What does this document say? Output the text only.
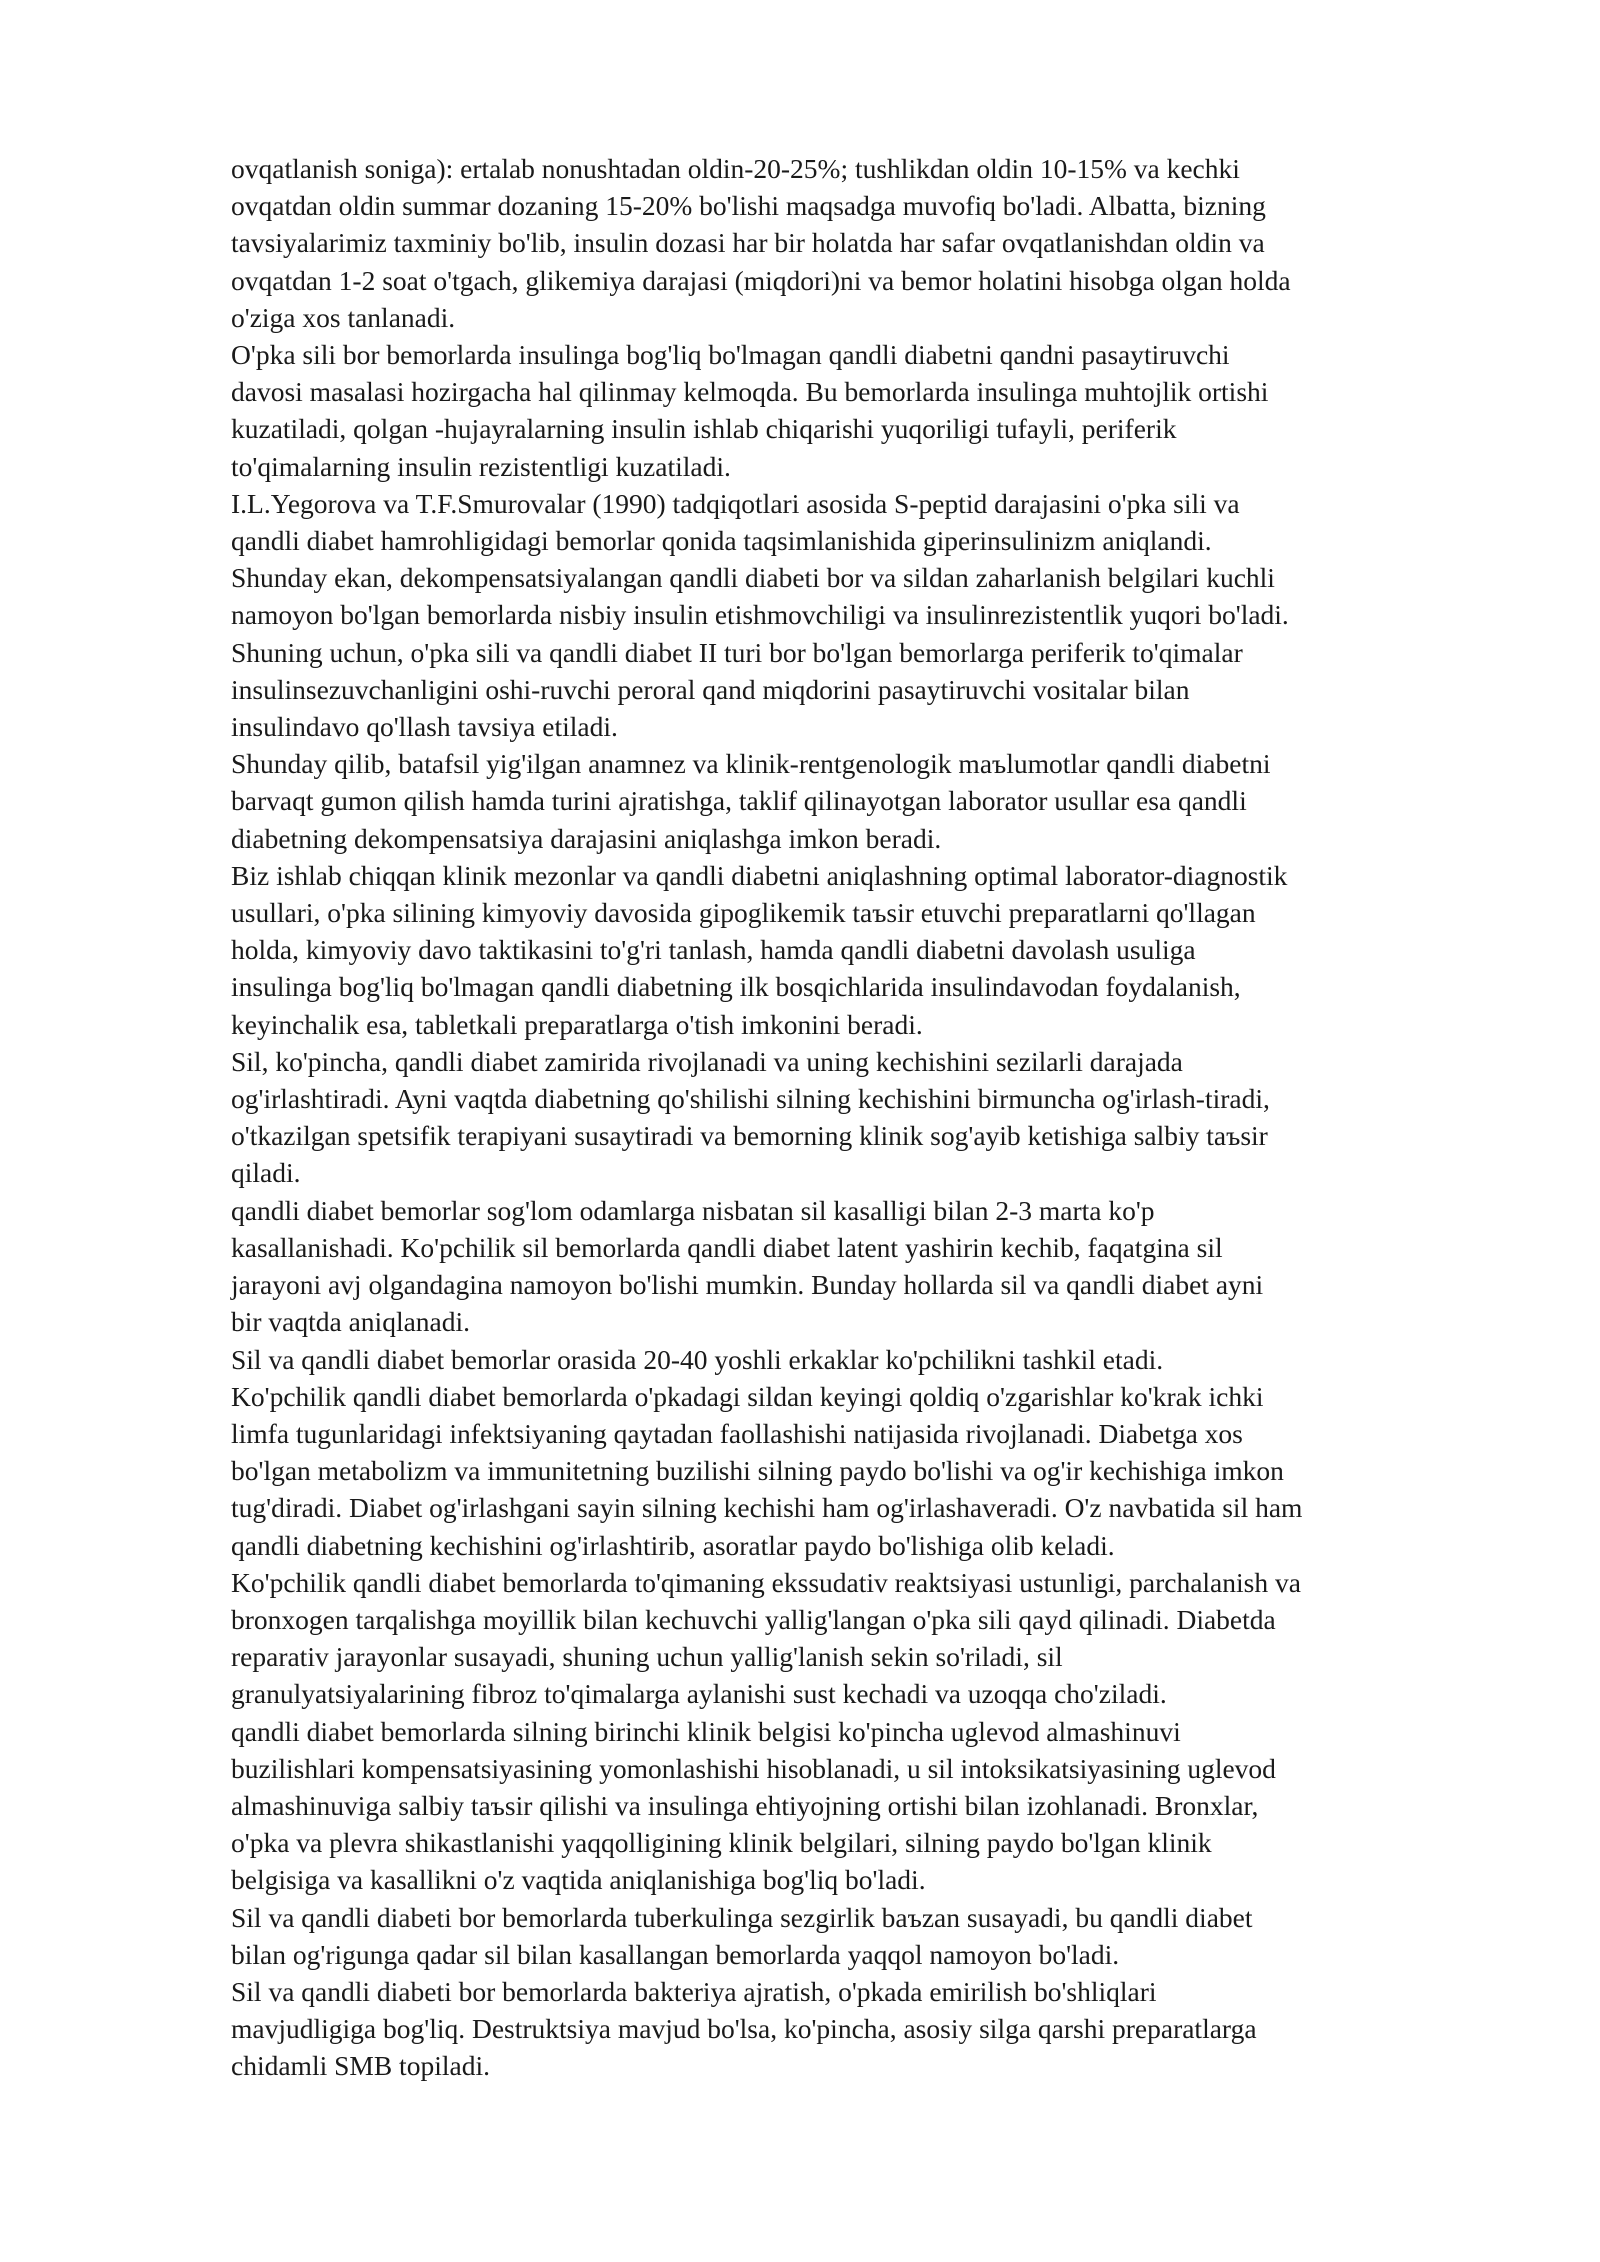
ovqatlanish soniga): ertalab nonushtadan oldin-20-25%; tushlikdan oldin 10-15% va kechki
ovqatdan oldin summar dozaning 15-20% bo'lishi maqsadga muvofiq bo'ladi. Albatta, bizning
tavsiyalarimiz taxminiy bo'lib, insulin dozasi har bir holatda har safar ovqatlanishdan oldin va
ovqatdan 1-2 soat o'tgach, glikemiya darajasi (miqdori)ni va bemor holatini hisobga olgan holda
o'ziga xos tanlanadi.

O'pka sili bor bemorlarda insulinga bog'liq bo'lmagan qandli diabetni qandni pasaytiruvchi
davosi masalasi hozirgacha hal qilinmay kelmoqda. Bu bemorlarda insulinga muhtojlik ortishi
kuzatiladi, qolgan -hujayralarning insulin ishlab chiqarishi yuqoriligi tufayli, periferik
to'qimalarning insulin rezistentligi kuzatiladi.

I.L.Yegorova va T.F.Smurovalar (1990) tadqiqotlari asosida S-peptid darajasini o'pka sili va
qandli diabet hamrohligidagi bemorlar qonida taqsimlanishida giperinsulinizm aniqlandi.
Shunday ekan, dekompensatsiyalangan qandli diabeti bor va sildan zaharlanish belgilari kuchli
namoyon bo'lgan bemorlarda nisbiy insulin etishmovchiligi va insulinrezistentlik yuqori bo'ladi.
Shuning uchun, o'pka sili va qandli diabet II turi bor bo'lgan bemorlarga periferik to'qimalar
insulinsezuvchanligini oshi-ruvchi peroral qand miqdorini pasaytiruvchi vositalar bilan
insulindavo qo'llash tavsiya etiladi.

Shunday qilib, batafsil yig'ilgan anamnez va klinik-rentgenologik maъlumotlar qandli diabetni
barvaqt gumon qilish hamda turini ajratishga, taklif qilinayotgan laborator usullar esa qandli
diabetning dekompensatsiya darajasini aniqlashga imkon beradi.

Biz ishlab chiqqan klinik mezonlar va qandli diabetni aniqlashning optimal laborator-diagnostik
usullari, o'pka silining kimyoviy davosida gipoglikemik taъsir etuvchi preparatlarni qo'llagan
holda, kimyoviy davo taktikasini to'g'ri tanlash, hamda qandli diabetni davolash usuliga
insulinga bog'liq bo'lmagan qandli diabetning ilk bosqichlarida insulindavodan foydalanish,
keyinchalik esa, tabletkali preparatlarga o'tish imkonini beradi.

Sil, ko'pincha, qandli diabet zamirida rivojlanadi va uning kechishini sezilarli darajada
og'irlashtiradi. Ayni vaqtda diabetning qo'shilishi silning kechishini birmuncha og'irlash-tiradi,
o'tkazilgan spetsifik terapiyani susaytiradi va bemorning klinik sog'ayib ketishiga salbiy taъsir
qiladi.

qandli diabet bemorlar sog'lom odamlarga nisbatan sil kasalligi bilan 2-3 marta ko'p
kasallanishadi. Ko'pchilik sil bemorlarda qandli diabet latent yashirin kechib, faqatgina sil
jarayoni avj olgandagina namoyon bo'lishi mumkin. Bunday hollarda sil va qandli diabet ayni
bir vaqtda aniqlanadi.

Sil va qandli diabet bemorlar orasida 20-40 yoshli erkaklar ko'pchilikni tashkil etadi.

Ko'pchilik qandli diabet bemorlarda o'pkadagi sildan keyingi qoldiq o'zgarishlar ko'krak ichki
limfa tugunlaridagi infektsiyaning qaytadan faollashishi natijasida rivojlanadi. Diabetga xos
bo'lgan metabolizm va immunitetning buzilishi silning paydo bo'lishi va og'ir kechishiga imkon
tug'diradi. Diabet og'irlashgani sayin silning kechishi ham og'irlashaveradi. O'z navbatida sil ham
qandli diabetning kechishini og'irlashtirib, asoratlar paydo bo'lishiga olib keladi.

Ko'pchilik qandli diabet bemorlarda to'qimaning ekssudativ reaktsiyasi ustunligi, parchalanish va
bronxogen tarqalishga moyillik bilan kechuvchi yallig'langan o'pka sili qayd qilinadi. Diabetda
reparativ jarayonlar susayadi, shuning uchun yallig'lanish sekin so'riladi, sil
granulyatsiyalarining fibroz to'qimalarga aylanishi sust kechadi va uzoqqa cho'ziladi.

qandli diabet bemorlarda silning birinchi klinik belgisi ko'pincha uglevod almashinuvi
buzilishlari kompensatsiyasining yomonlashishi hisoblanadi, u sil intoksikatsiyasining uglevod
almashinuviga salbiy taъsir qilishi va insulinga ehtiyojning ortishi bilan izohlanadi. Bronxlar,
o'pka va plevra shikastlanishi yaqqolligining klinik belgilari, silning paydo bo'lgan klinik
belgisiga va kasallikni o'z vaqtida aniqlanishiga bog'liq bo'ladi.

Sil va qandli diabeti bor bemorlarda tuberkulinga sezgirlik baъzan susayadi, bu qandli diabet
bilan og'rigunga qadar sil bilan kasallangan bemorlarda yaqqol namoyon bo'ladi.

Sil va qandli diabeti bor bemorlarda bakteriya ajratish, o'pkada emirilish bo'shliqlari
mavjudligiga bog'liq. Destruktsiya mavjud bo'lsa, ko'pincha, asosiy silga qarshi preparatlarga
chidamli SMB topiladi.
